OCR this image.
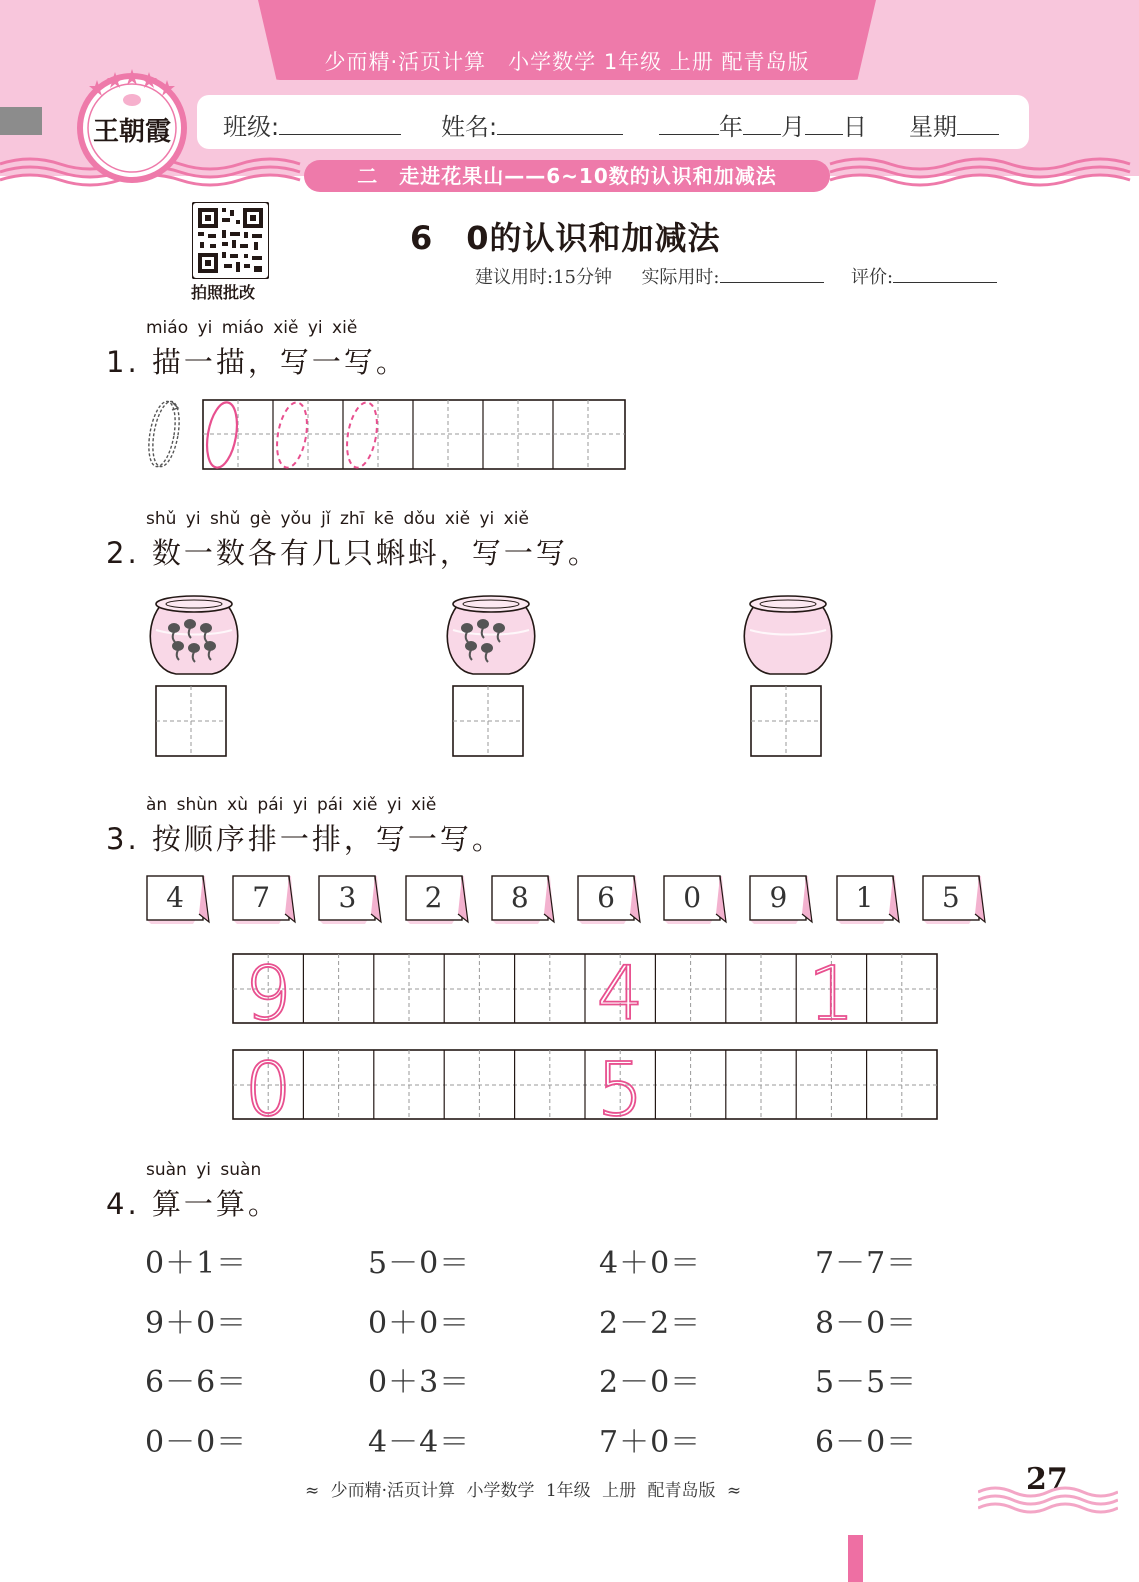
少而精·活页计算　小学数学 1年级 上册 配青岛版
班级:	姓名:	年 月 日 星期
二　走进花果山——6~10数的认识和加减法
王朝霞
拍照批改
6　0的认识和加减法
建议用时:15分钟 实际用时:	评价:
miáo yi miáo xiě yi xiě
1. 描一描，写一写。
shǔ yi shǔ gè yǒu jǐ zhī kē dǒu xiě yi xiě
2. 数一数各有几只蝌蚪，写一写。
àn shùn xù pái yi pái xiě yi xiě
3. 按顺序排一排，写一写。
4	7	3	2	8	6	0	9	1	5
9	4 1
0	5
suàn yi suàn
4. 算一算。
0＋1＝	5－0＝	4＋0＝	7－7＝
9＋0＝	0＋0＝	2－2＝	8－0＝
6－6＝	0＋3＝	2－0＝	5－5＝
0－0＝	4－4＝	7＋0＝	6－0＝
≈ 少而精·活页计算 小学数学 1年级 上册 配青岛版 ≈	27
